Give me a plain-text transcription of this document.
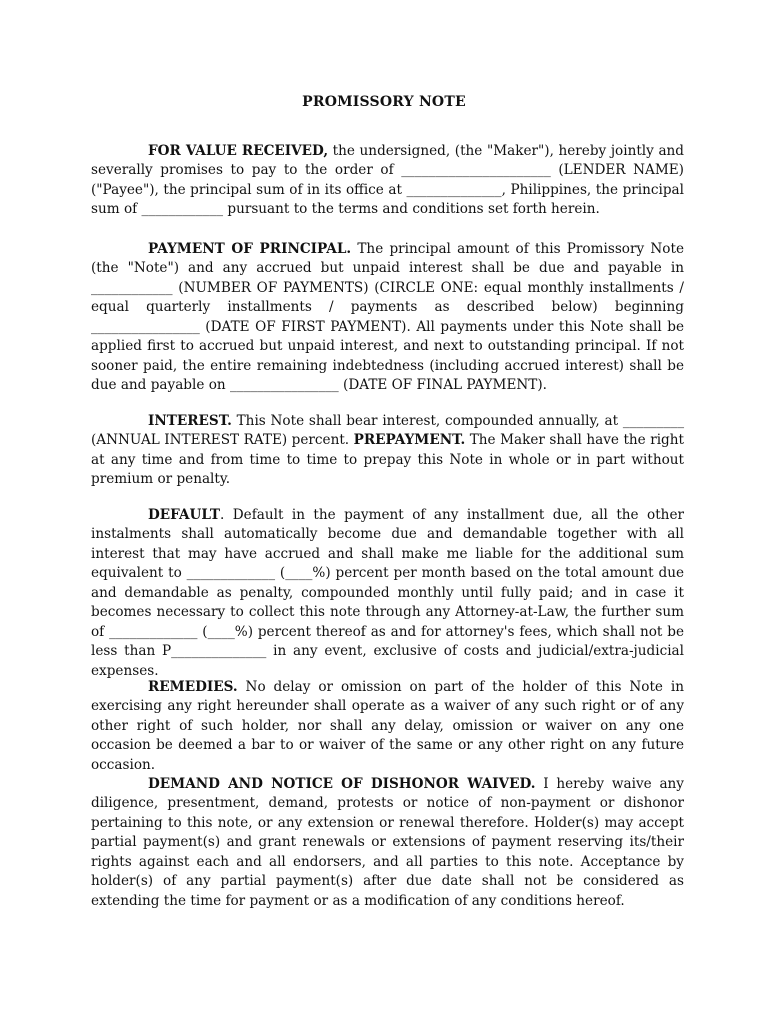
PROMISSORY NOTE

FOR VALUE RECEIVED, the undersigned, (the "Maker"), hereby jointly and severally promises to pay to the order of ______________________ (LENDER NAME) ("Payee"), the principal sum of in its office at ______________, Philippines, the principal sum of ____________ pursuant to the terms and conditions set forth herein.

PAYMENT OF PRINCIPAL. The principal amount of this Promissory Note (the "Note") and any accrued but unpaid interest shall be due and payable in ____________ (NUMBER OF PAYMENTS) (CIRCLE ONE: equal monthly installments / equal quarterly installments / payments as described below) beginning ________________ (DATE OF FIRST PAYMENT). All payments under this Note shall be applied first to accrued but unpaid interest, and next to outstanding principal. If not sooner paid, the entire remaining indebtedness (including accrued interest) shall be due and payable on ________________ (DATE OF FINAL PAYMENT).

INTEREST. This Note shall bear interest, compounded annually, at _________ (ANNUAL INTEREST RATE) percent. PREPAYMENT. The Maker shall have the right at any time and from time to time to prepay this Note in whole or in part without premium or penalty.

DEFAULT. Default in the payment of any installment due, all the other instalments shall automatically become due and demandable together with all interest that may have accrued and shall make me liable for the additional sum equivalent to _____________ (____%) percent per month based on the total amount due and demandable as penalty, compounded monthly until fully paid; and in case it becomes necessary to collect this note through any Attorney-at-Law, the further sum of _____________ (____%) percent thereof as and for attorney's fees, which shall not be less than P______________ in any event, exclusive of costs and judicial/extra-judicial expenses.

REMEDIES. No delay or omission on part of the holder of this Note in exercising any right hereunder shall operate as a waiver of any such right or of any other right of such holder, nor shall any delay, omission or waiver on any one occasion be deemed a bar to or waiver of the same or any other right on any future occasion.

DEMAND AND NOTICE OF DISHONOR WAIVED. I hereby waive any diligence, presentment, demand, protests or notice of non-payment or dishonor pertaining to this note, or any extension or renewal therefore. Holder(s) may accept partial payment(s) and grant renewals or extensions of payment reserving its/their rights against each and all endorsers, and all parties to this note. Acceptance by holder(s) of any partial payment(s) after due date shall not be considered as extending the time for payment or as a modification of any conditions hereof.
